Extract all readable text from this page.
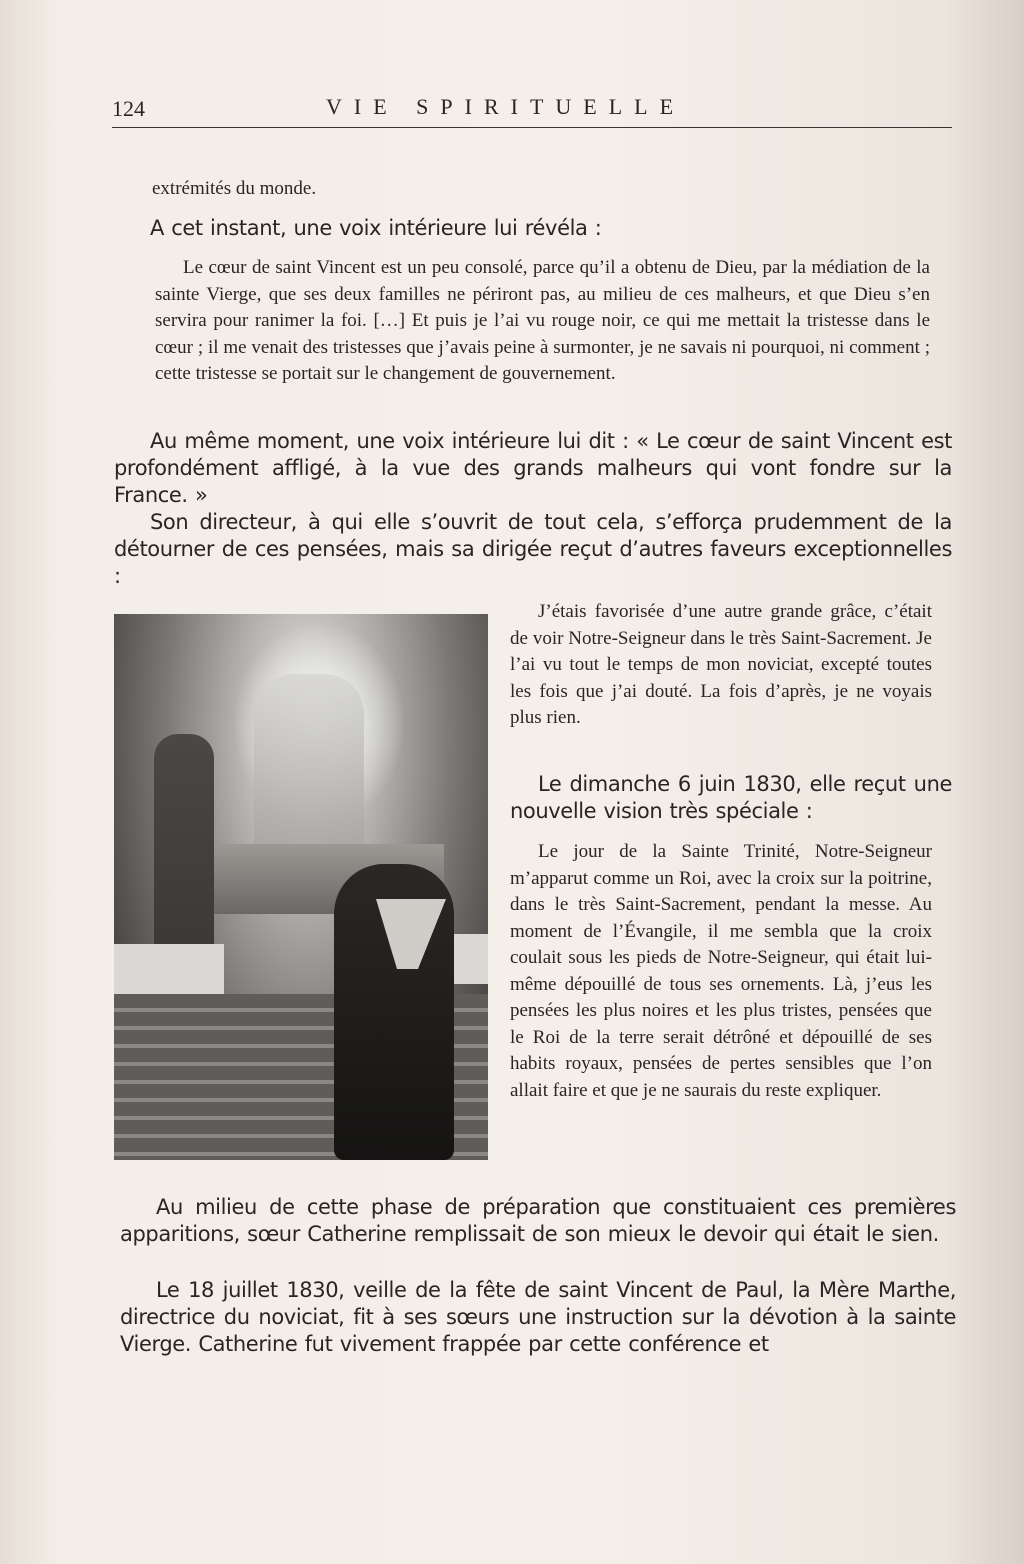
124	VIE SPIRITUELLE

extrémités du monde.

A cet instant, une voix intérieure lui révéla :

Le cœur de saint Vincent est un peu consolé, parce qu’il a obtenu de Dieu, par la médiation de la sainte Vierge, que ses deux familles ne périront pas, au milieu de ces malheurs, et que Dieu s’en servira pour ranimer la foi. […] Et puis je l’ai vu rouge noir, ce qui me mettait la tristesse dans le cœur ; il me venait des tristesses que j’avais peine à surmonter, je ne savais ni pourquoi, ni comment ; cette tristesse se portait sur le changement de gouvernement.

Au même moment, une voix intérieure lui dit : « Le cœur de saint Vincent est profondément affligé, à la vue des grands malheurs qui vont fondre sur la France. »

Son directeur, à qui elle s’ouvrit de tout cela, s’efforça prudemment de la détourner de ces pensées, mais sa dirigée reçut d’autres faveurs exceptionnelles :

J’étais favorisée d’une autre grande grâce, c’était de voir Notre-Seigneur dans le très Saint-Sacrement. Je l’ai vu tout le temps de mon noviciat, excepté toutes les fois que j’ai douté. La fois d’après, je ne voyais plus rien.

Le dimanche 6 juin 1830, elle reçut une nouvelle vision très spéciale :

Le jour de la Sainte Trinité, Notre-Seigneur m’apparut comme un Roi, avec la croix sur la poitrine, dans le très Saint-Sacrement, pendant la messe. Au moment de l’Évangile, il me sembla que la croix coulait sous les pieds de Notre-Seigneur, qui était lui-même dépouillé de tous ses ornements. Là, j’eus les pensées les plus noires et les plus tristes, pensées que le Roi de la terre serait détrôné et dépouillé de ses habits royaux, pensées de pertes sensibles que l’on allait faire et que je ne saurais du reste expliquer.

Au milieu de cette phase de préparation que constituaient ces premières apparitions, sœur Catherine remplissait de son mieux le devoir qui était le sien.

Le 18 juillet 1830, veille de la fête de saint Vincent de Paul, la Mère Marthe, directrice du noviciat, fit à ses sœurs une instruction sur la dévotion à la sainte Vierge. Catherine fut vivement frappée par cette conférence et
